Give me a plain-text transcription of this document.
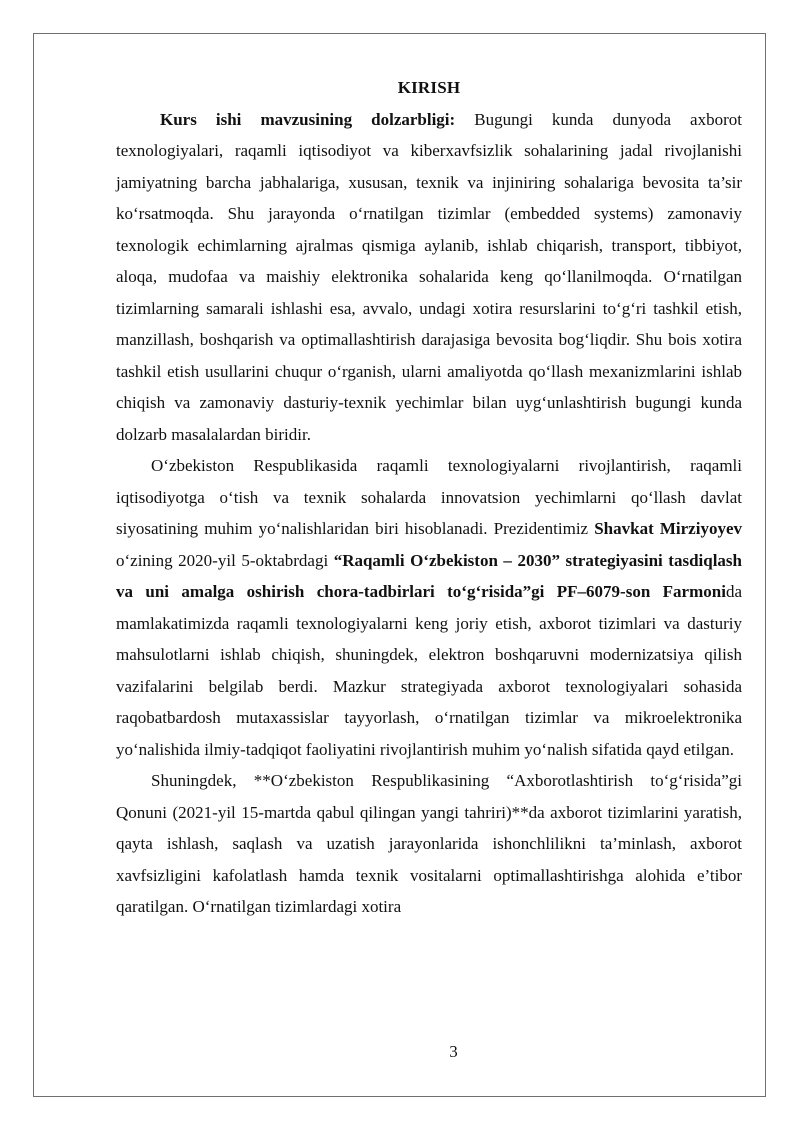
KIRISH

Kurs ishi mavzusining dolzarbligi: Bugungi kunda dunyoda axborot texnologiyalari, raqamli iqtisodiyot va kiberxavfsizlik sohalarining jadal rivojlanishi jamiyatning barcha jabhalariga, xususan, texnik va injiniring sohalariga bevosita ta’sir ko‘rsatmoqda. Shu jarayonda o‘rnatilgan tizimlar (embedded systems) zamonaviy texnologik echimlarning ajralmas qismiga aylanib, ishlab chiqarish, transport, tibbiyot, aloqa, mudofaa va maishiy elektronika sohalarida keng qo‘llanilmoqda. O‘rnatilgan tizimlarning samarali ishlashi esa, avvalo, undagi xotira resurslarini to‘g‘ri tashkil etish, manzillash, boshqarish va optimallashtirish darajasiga bevosita bog‘liqdir. Shu bois xotira tashkil etish usullarini chuqur o‘rganish, ularni amaliyotda qo‘llash mexanizmlarini ishlab chiqish va zamonaviy dasturiy-texnik yechimlar bilan uyg‘unlashtirish bugungi kunda dolzarb masalalardan biridir.

O‘zbekiston Respublikasida raqamli texnologiyalarni rivojlantirish, raqamli iqtisodiyotga o‘tish va texnik sohalarda innovatsion yechimlarni qo‘llash davlat siyosatining muhim yo‘nalishlaridan biri hisoblanadi. Prezidentimiz Shavkat Mirziyoyev o‘zining 2020-yil 5-oktabrdagi “Raqamli O‘zbekiston – 2030” strategiyasini tasdiqlash va uni amalga oshirish chora-tadbirlari to‘g‘risida”gi PF–6079-son Farmonida mamlakatimizda raqamli texnologiyalarni keng joriy etish, axborot tizimlari va dasturiy mahsulotlarni ishlab chiqish, shuningdek, elektron boshqaruvni modernizatsiya qilish vazifalarini belgilab berdi. Mazkur strategiyada axborot texnologiyalari sohasida raqobatbardosh mutaxassislar tayyorlash, o‘rnatilgan tizimlar va mikroelektronika yo‘nalishida ilmiy-tadqiqot faoliyatini rivojlantirish muhim yo‘nalish sifatida qayd etilgan.

Shuningdek, **O‘zbekiston Respublikasining “Axborotlashtirish to‘g‘risida”gi Qonuni (2021-yil 15-martda qabul qilingan yangi tahriri)**da axborot tizimlarini yaratish, qayta ishlash, saqlash va uzatish jarayonlarida ishonchlilikni ta’minlash, axborot xavfsizligini kafolatlash hamda texnik vositalarni optimallashtirishga alohida e’tibor qaratilgan. O‘rnatilgan tizimlardagi xotira

3
